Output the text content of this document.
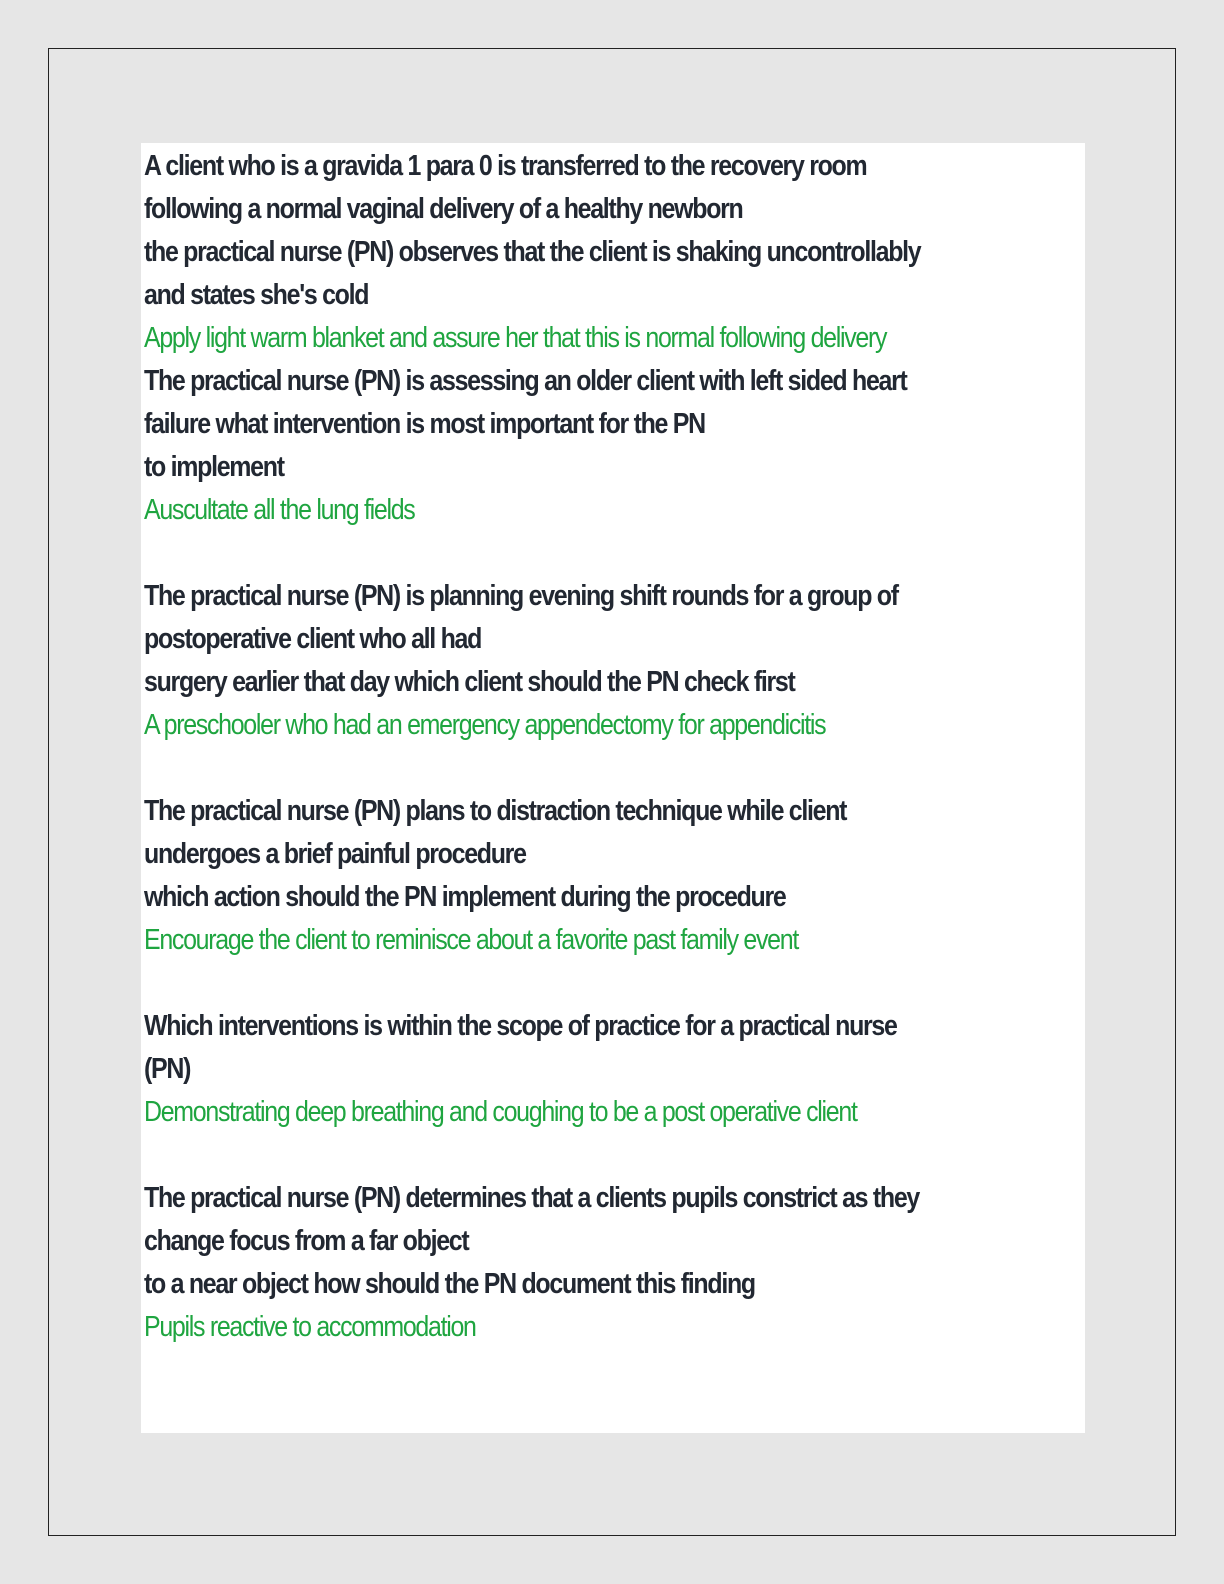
A client who is a gravida 1 para 0 is transferred to the recovery room
following a normal vaginal delivery of a healthy newborn
the practical nurse (PN) observes that the client is shaking uncontrollably
and states she's cold
Apply light warm blanket and assure her that this is normal following delivery
The practical nurse (PN) is assessing an older client with left sided heart
failure what intervention is most important for the PN
to implement
Auscultate all the lung fields
The practical nurse (PN) is planning evening shift rounds for a group of
postoperative client who all had
surgery earlier that day which client should the PN check first
A preschooler who had an emergency appendectomy for appendicitis
The practical nurse (PN) plans to distraction technique while client
undergoes a brief painful procedure
which action should the PN implement during the procedure
Encourage the client to reminisce about a favorite past family event
Which interventions is within the scope of practice for a practical nurse
(PN)
Demonstrating deep breathing and coughing to be a post operative client
The practical nurse (PN) determines that a clients pupils constrict as they
change focus from a far object
to a near object how should the PN document this finding
Pupils reactive to accommodation
